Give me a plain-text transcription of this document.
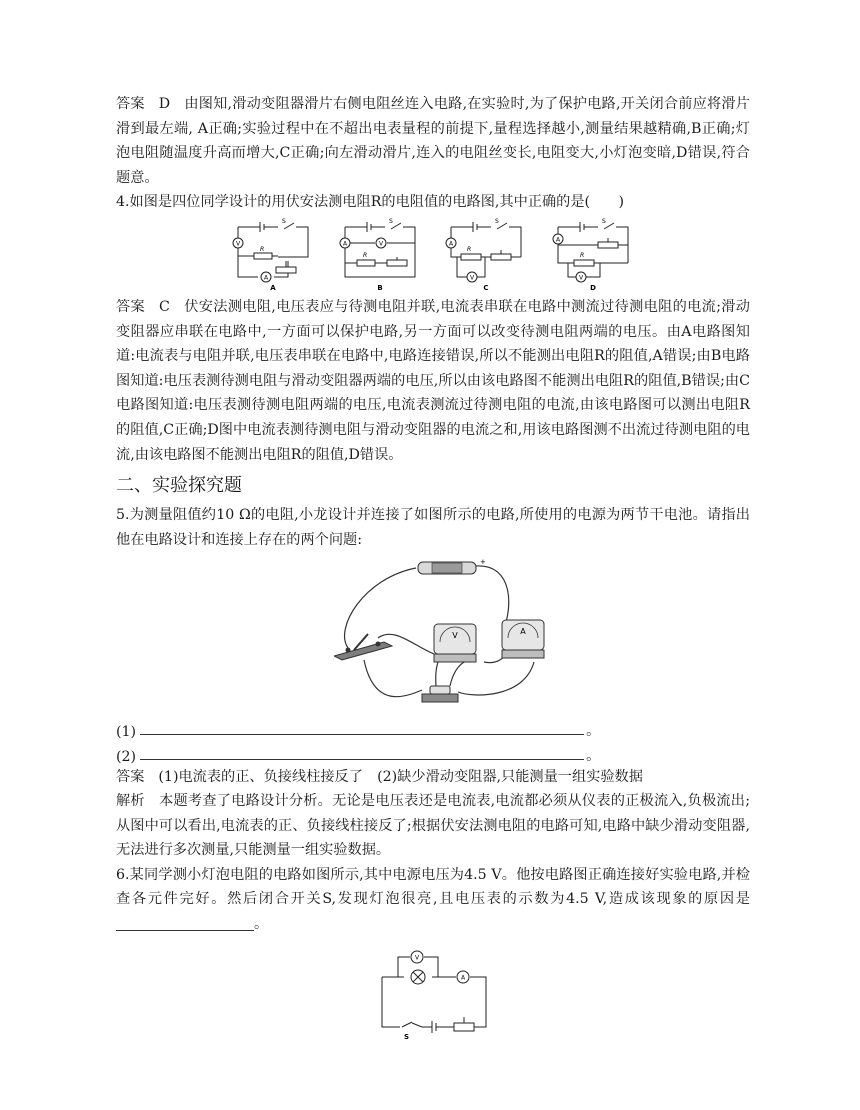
答案 D 由图知,滑动变阻器滑片右侧电阻丝连入电路,在实验时,为了保护电路,开关闭合前应将滑片滑到最左端, A正确;实验过程中在不超出电表量程的前提下,量程选择越小,测量结果越精确,B正确;灯泡电阻随温度升高而增大,C正确;向左滑动滑片,连入的电阻丝变长,电阻变大,小灯泡变暗,D错误,符合题意。

4.如图是四位同学设计的用伏安法测电阻R的电阻值的电路图,其中正确的是(　　)

V
A
S
R
A
A	V
S
R
B
A
V
S
R
C
A
V
S
R
D

答案 C 伏安法测电阻,电压表应与待测电阻并联,电流表串联在电路中测流过待测电阻的电流;滑动变阻器应串联在电路中,一方面可以保护电路,另一方面可以改变待测电阻两端的电压。由A电路图知道:电流表与电阻并联,电压表串联在电路中,电路连接错误,所以不能测出电阻R的阻值,A错误;由B电路图知道:电压表测待测电阻与滑动变阻器两端的电压,所以由该电路图不能测出电阻R的阻值,B错误;由C电路图知道:电压表测待测电阻两端的电压,电流表测流过待测电阻的电流,由该电路图可以测出电阻R的阻值,C正确;D图中电流表测待测电阻与滑动变阻器的电流之和,用该电路图测不出流过待测电阻的电流,由该电路图不能测出电阻R的阻值,D错误。

二、实验探究题

5.为测量阻值约10 Ω的电阻,小龙设计并连接了如图所示的电路,所使用的电源为两节干电池。请指出他在电路设计和连接上存在的两个问题:

+
V	A
(1)	。
(2)	。

答案 (1)电流表的正、负接线柱接反了　(2)缺少滑动变阻器,只能测量一组实验数据

解析 本题考查了电路设计分析。无论是电压表还是电流表,电流都必须从仪表的正极流入,负极流出;从图中可以看出,电流表的正、负接线柱接反了;根据伏安法测电阻的电路可知,电路中缺少滑动变阻器,无法进行多次测量,只能测量一组实验数据。

6.某同学测小灯泡电阻的电路如图所示,其中电源电压为4.5 V。他按电路图正确连接好实验电路,并检查各元件完好。然后闭合开关S,发现灯泡很亮,且电压表的示数为4.5 V,造成该现象的原因是。

V
A
S
